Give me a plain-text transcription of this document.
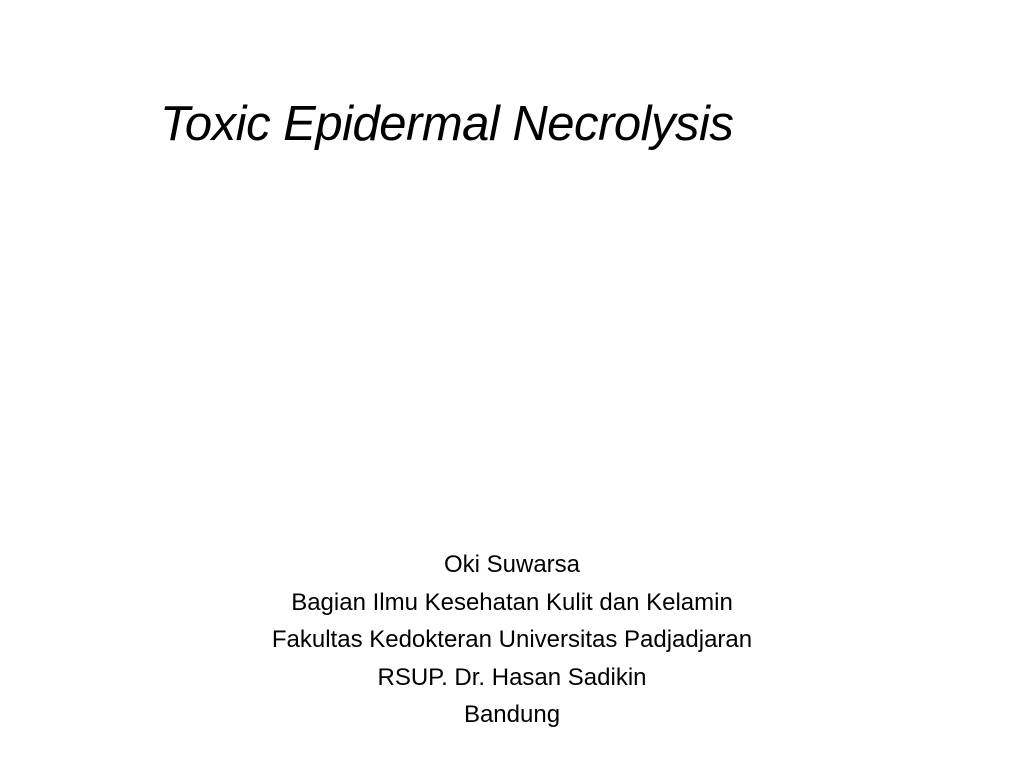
Toxic Epidermal Necrolysis
Oki Suwarsa
Bagian Ilmu Kesehatan Kulit dan Kelamin
Fakultas Kedokteran Universitas Padjadjaran
RSUP. Dr. Hasan Sadikin
Bandung
